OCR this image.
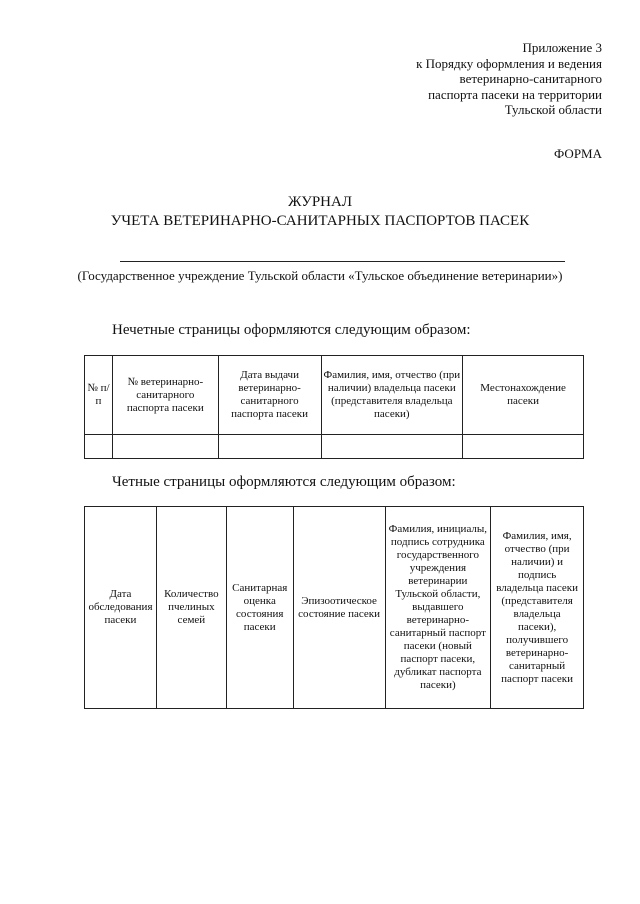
Приложение 3
к Порядку оформления и ведения
ветеринарно-санитарного
паспорта пасеки на территории
Тульской области
ФОРМА
ЖУРНАЛ
УЧЕТА ВЕТЕРИНАРНО-САНИТАРНЫХ ПАСПОРТОВ ПАСЕК
(Государственное учреждение Тульской области «Тульское объединение ветеринарии»)
Нечетные страницы оформляются следующим образом:
№ п/п	№ ветеринарно-санитарного паспорта пасеки	Дата выдачи ветеринарно-санитарного паспорта пасеки	Фамилия, имя, отчество (при наличии) владельца пасеки (представителя владельца пасеки)	Местонахождение пасеки

Четные страницы оформляются следующим образом:
Дата обследования пасеки	Количество пчелиных семей	Санитарная оценка состояния пасеки	Эпизоотическое состояние пасеки	Фамилия, инициалы, подпись сотрудника государственного учреждения ветеринарии Тульской области, выдавшего ветеринарно-санитарный паспорт пасеки (новый паспорт пасеки, дубликат паспорта пасеки)	Фамилия, имя, отчество (при наличии) и подпись владельца пасеки (представителя владельца пасеки), получившего ветеринарно-санитарный паспорт пасеки
